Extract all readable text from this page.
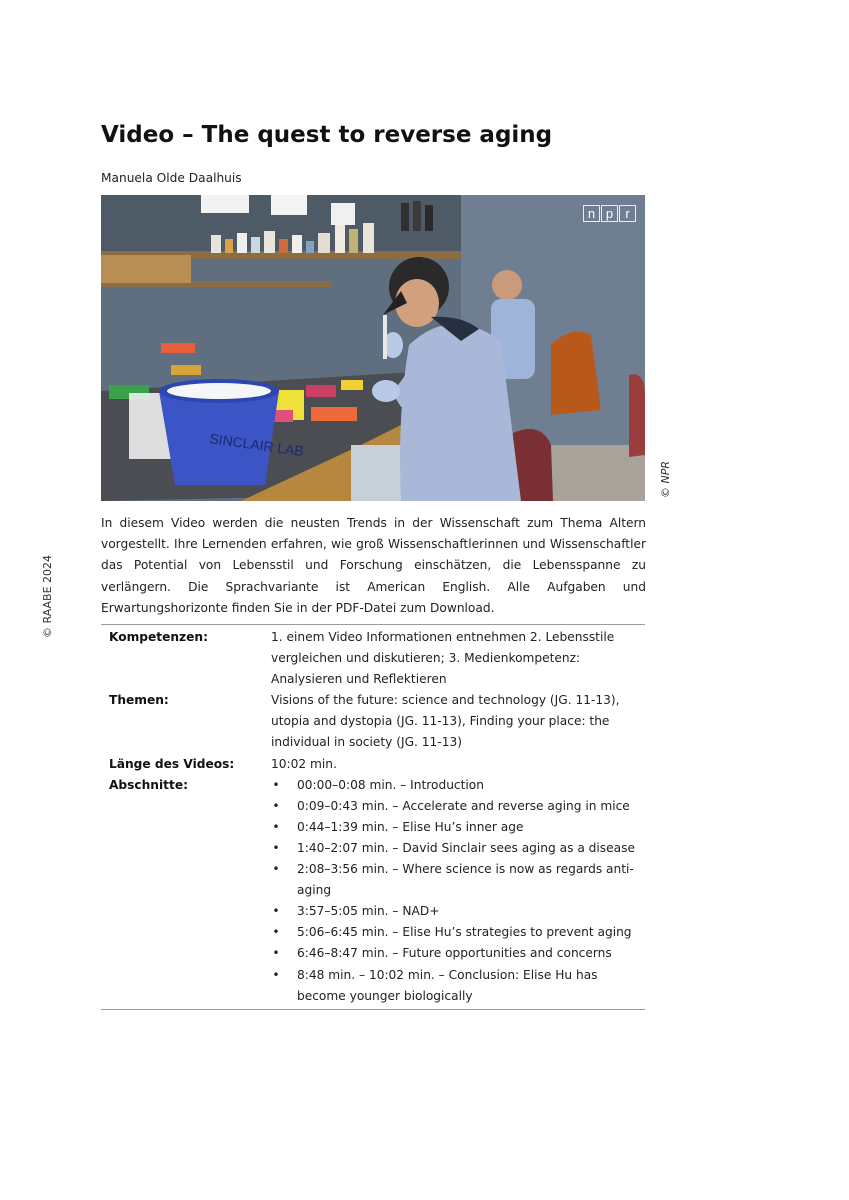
Video – The quest to reverse aging
Manuela Olde Daalhuis
SINCLAIR LAB
n p r
© NPR
© RAABE 2024

In diesem Video werden die neusten Trends in der Wissenschaft zum Thema Altern vorgestellt. Ihre Lernenden erfahren, wie groß Wissenschaftlerinnen und Wissenschaftler das Potential von Lebensstil und Forschung einschätzen, die Lebensspanne zu verlängern. Die Sprachvariante ist American English. Alle Aufgaben und Erwartungshorizonte finden Sie in der PDF-Datei zum Download.

Kompetenzen:	1. einem Video Informationen entnehmen 2. Lebensstile vergleichen und diskutieren; 3. Medienkompetenz: Analysieren und Reflektieren
Themen:	Visions of the future: science and technology (JG. 11-13), utopia and dystopia (JG. 11-13), Finding your place: the individual in society (JG. 11-13)
Länge des Videos:	10:02 min.
Abschnitte:	• 00:00–0:08 min. – Introduction
• 0:09–0:43 min. – Accelerate and reverse aging in mice
• 0:44–1:39 min. – Elise Hu’s inner age
• 1:40–2:07 min. – David Sinclair sees aging as a disease
• 2:08–3:56 min. – Where science is now as regards anti-aging
• 3:57–5:05 min. – NAD+
• 5:06–6:45 min. – Elise Hu’s strategies to prevent aging
• 6:46–8:47 min. – Future opportunities and concerns
• 8:48 min. – 10:02 min. – Conclusion: Elise Hu has become younger biologically
